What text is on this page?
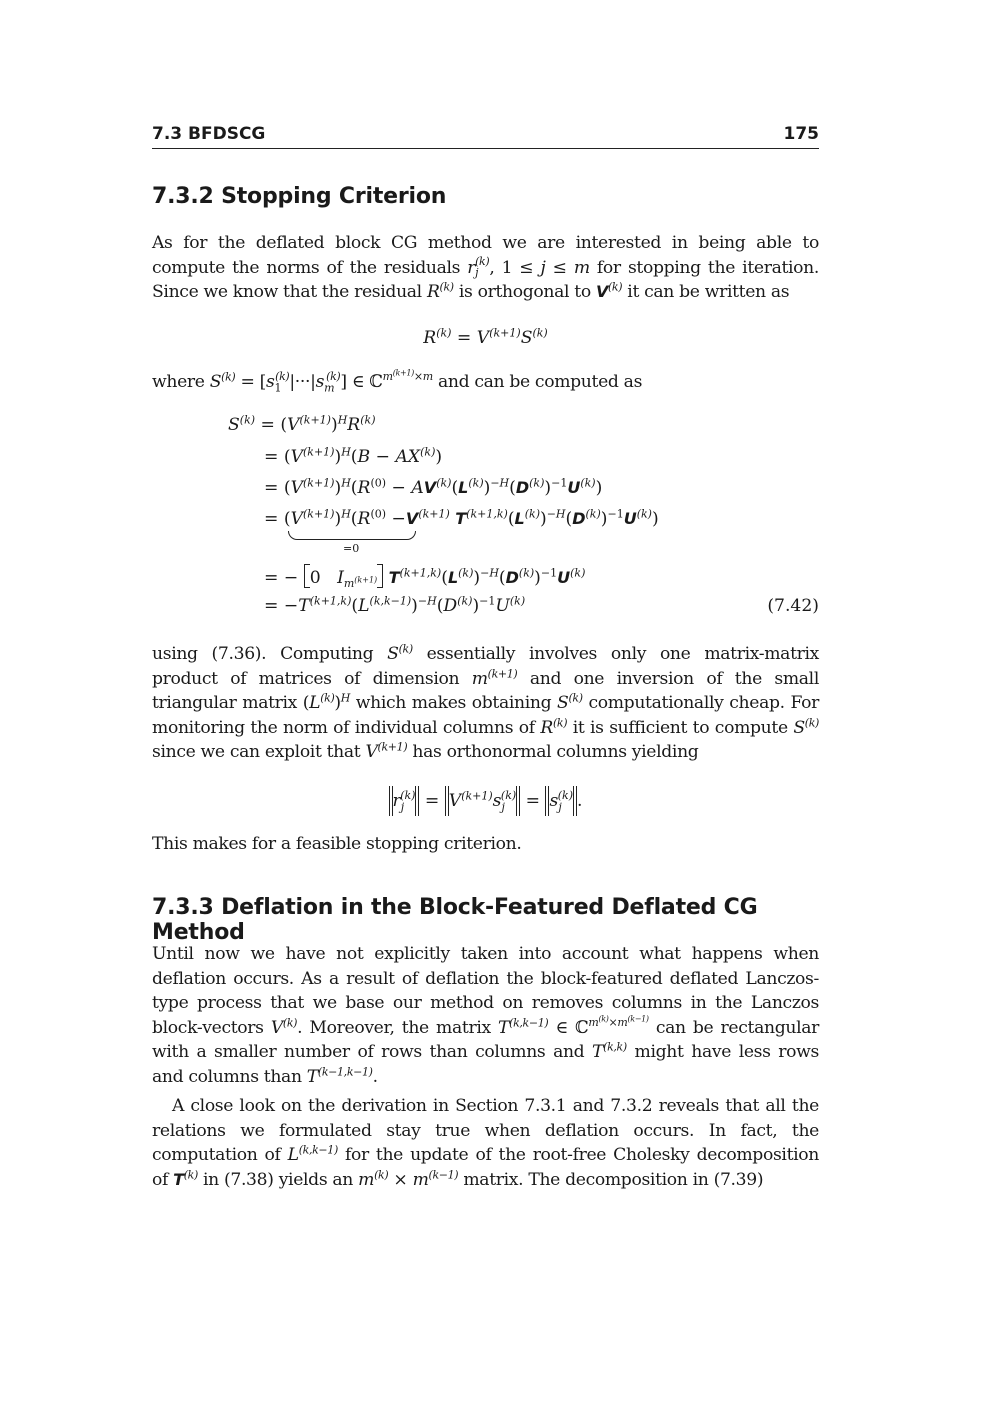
7.3 BFDSCG	175
7.3.2 Stopping Criterion

As for the deflated block CG method we are interested in being able to compute the norms of the residuals r (k)
j , 1 ≤ j ≤ m for stopping the iteration. Since we know that the residual $R^{(k)}$ is orthogonal to $V^{(k)}$ it can be written as

$R^{(k)} = V^{(k+1)}S^{(k)}$

where $S^{(k)} = [s_1^{(k)}|\cdot\cdot\cdot|s_m^{(k)}]$ ∈ ℂ$^{m^{(k+1)}\times m}$ and can be computed as

$S^{(k)} = (V^{(k+1)})^HR^{(k)}$
= $(V^{(k+1)})^H(B - AX^{(k)})$
= $(V^{(k+1)})^H(R^{(0)} - AV^{(k)}(L^{(k)})^{-H}(D^{(k)})^{-1}U^{(k)})$
= $(V^{(k+1)})^H(R^{(0)} -V^{(k+1)}$ $T^{(k+1,k)}(L^{(k)})^{-H}(D^{(k)})^{-1}U^{(k)}$)
=0
= − 0   $I_{m^{(k+1)}}$ $T^{(k+1,k)}(L^{(k)})^{-H}(D^{(k)})^{-1}U^{(k)}$
= $-T^{(k+1,k)}(L^{(k,k-1)})^{-H}(D^{(k)})^{-1}U^{(k)}$	(7.42)

using (7.36). Computing $S^{(k)}$ essentially involves only one matrix-matrix product of matrices of dimension $m^{(k+1)}$ and one inversion of the small triangular matrix $(L^{(k)})^H$ which makes obtaining $S^{(k)}$ computationally cheap. For monitoring the norm of individual columns of $R^{(k)}$ it is sufficient to compute $S^{(k)}$ since we can exploit that $V^{(k+1)}$ has orthonormal columns yielding

$r_j^{(k)} = V^{(k+1)}s_j^{(k)} = s_j^{(k)}$ .

This makes for a feasible stopping criterion.

7.3.3 Deflation in the Block-Featured Deflated CG Method

Until now we have not explicitly taken into account what happens when deflation occurs. As a result of deflation the block-featured deflated Lanczos-type process that we base our method on removes columns in the Lanczos block-vectors $V^{(k)}$. Moreover, the matrix $T^{(k,k-1)}$ ∈ ℂ$^{m^{(k)}\times m^{(k-1)}}$ can be rectangular with a smaller number of rows than columns and T$^{(k,k)}$ might have less rows and columns than $T^{(k-1,k-1)}$.

A close look on the derivation in Section 7.3.1 and 7.3.2 reveals that all the relations we formulated stay true when deflation occurs. In fact, the computation of $L^{(k,k-1)}$ for the update of the root-free Cholesky decomposition of $T^{(k)}$ in (7.38) yields an $m^{(k)} \times m^{(k-1)}$ matrix. The decomposition in (7.39)
